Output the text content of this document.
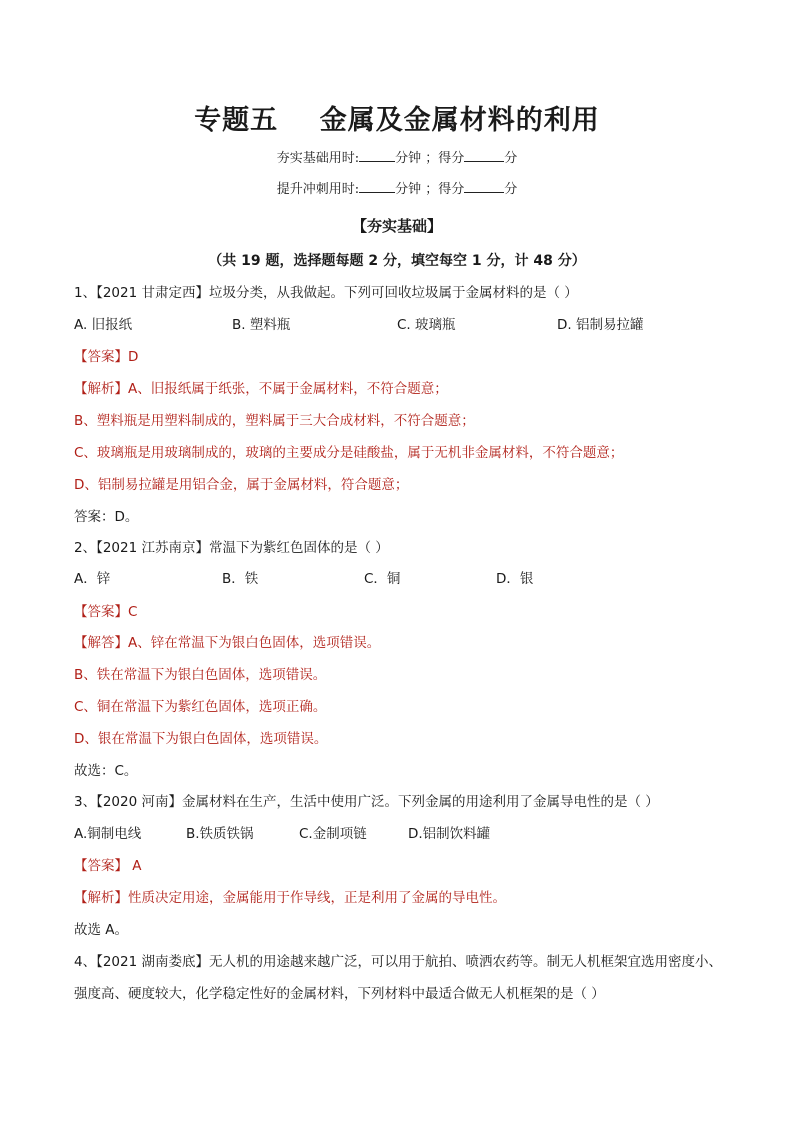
专题五    金属及金属材料的利用
夯实基础用时:	分钟 ；得分	分
提升冲刺用时:	分钟 ；得分	分
【夯实基础】
（共 19 题，选择题每题 2 分，填空每空 1 分，计 48 分）
1、【2021 甘肃定西】垃圾分类，从我做起。下列可回收垃圾属于金属材料的是（ ）
A. 旧报纸	B. 塑料瓶	C. 玻璃瓶	D. 铝制易拉罐
【答案】D
【解析】A、旧报纸属于纸张，不属于金属材料，不符合题意；
B、塑料瓶是用塑料制成的，塑料属于三大合成材料，不符合题意；
C、玻璃瓶是用玻璃制成的，玻璃的主要成分是硅酸盐，属于无机非金属材料，不符合题意；
D、铝制易拉罐是用铝合金，属于金属材料，符合题意；
答案：D。
2、【2021 江苏南京】常温下为紫红色固体的是（ ）
A．锌	B．铁	C．铜	D．银
【答案】C
【解答】A、锌在常温下为银白色固体，选项错误。
B、铁在常温下为银白色固体，选项错误。
C、铜在常温下为紫红色固体，选项正确。
D、银在常温下为银白色固体，选项错误。
故选：C。
3、【2020 河南】金属材料在生产，生活中使用广泛。下列金属的用途利用了金属导电性的是（ ）
A.铜制电线	B.铁质铁锅	C.金制项链	D.铝制饮料罐
【答案】 A
【解析】性质决定用途，金属能用于作导线，正是利用了金属的导电性。
故选 A。
4、【2021 湖南娄底】无人机的用途越来越广泛，可以用于航拍、喷洒农药等。制无人机框架宜选用密度小、
强度高、硬度较大，化学稳定性好的金属材料，下列材料中最适合做无人机框架的是（ ）
